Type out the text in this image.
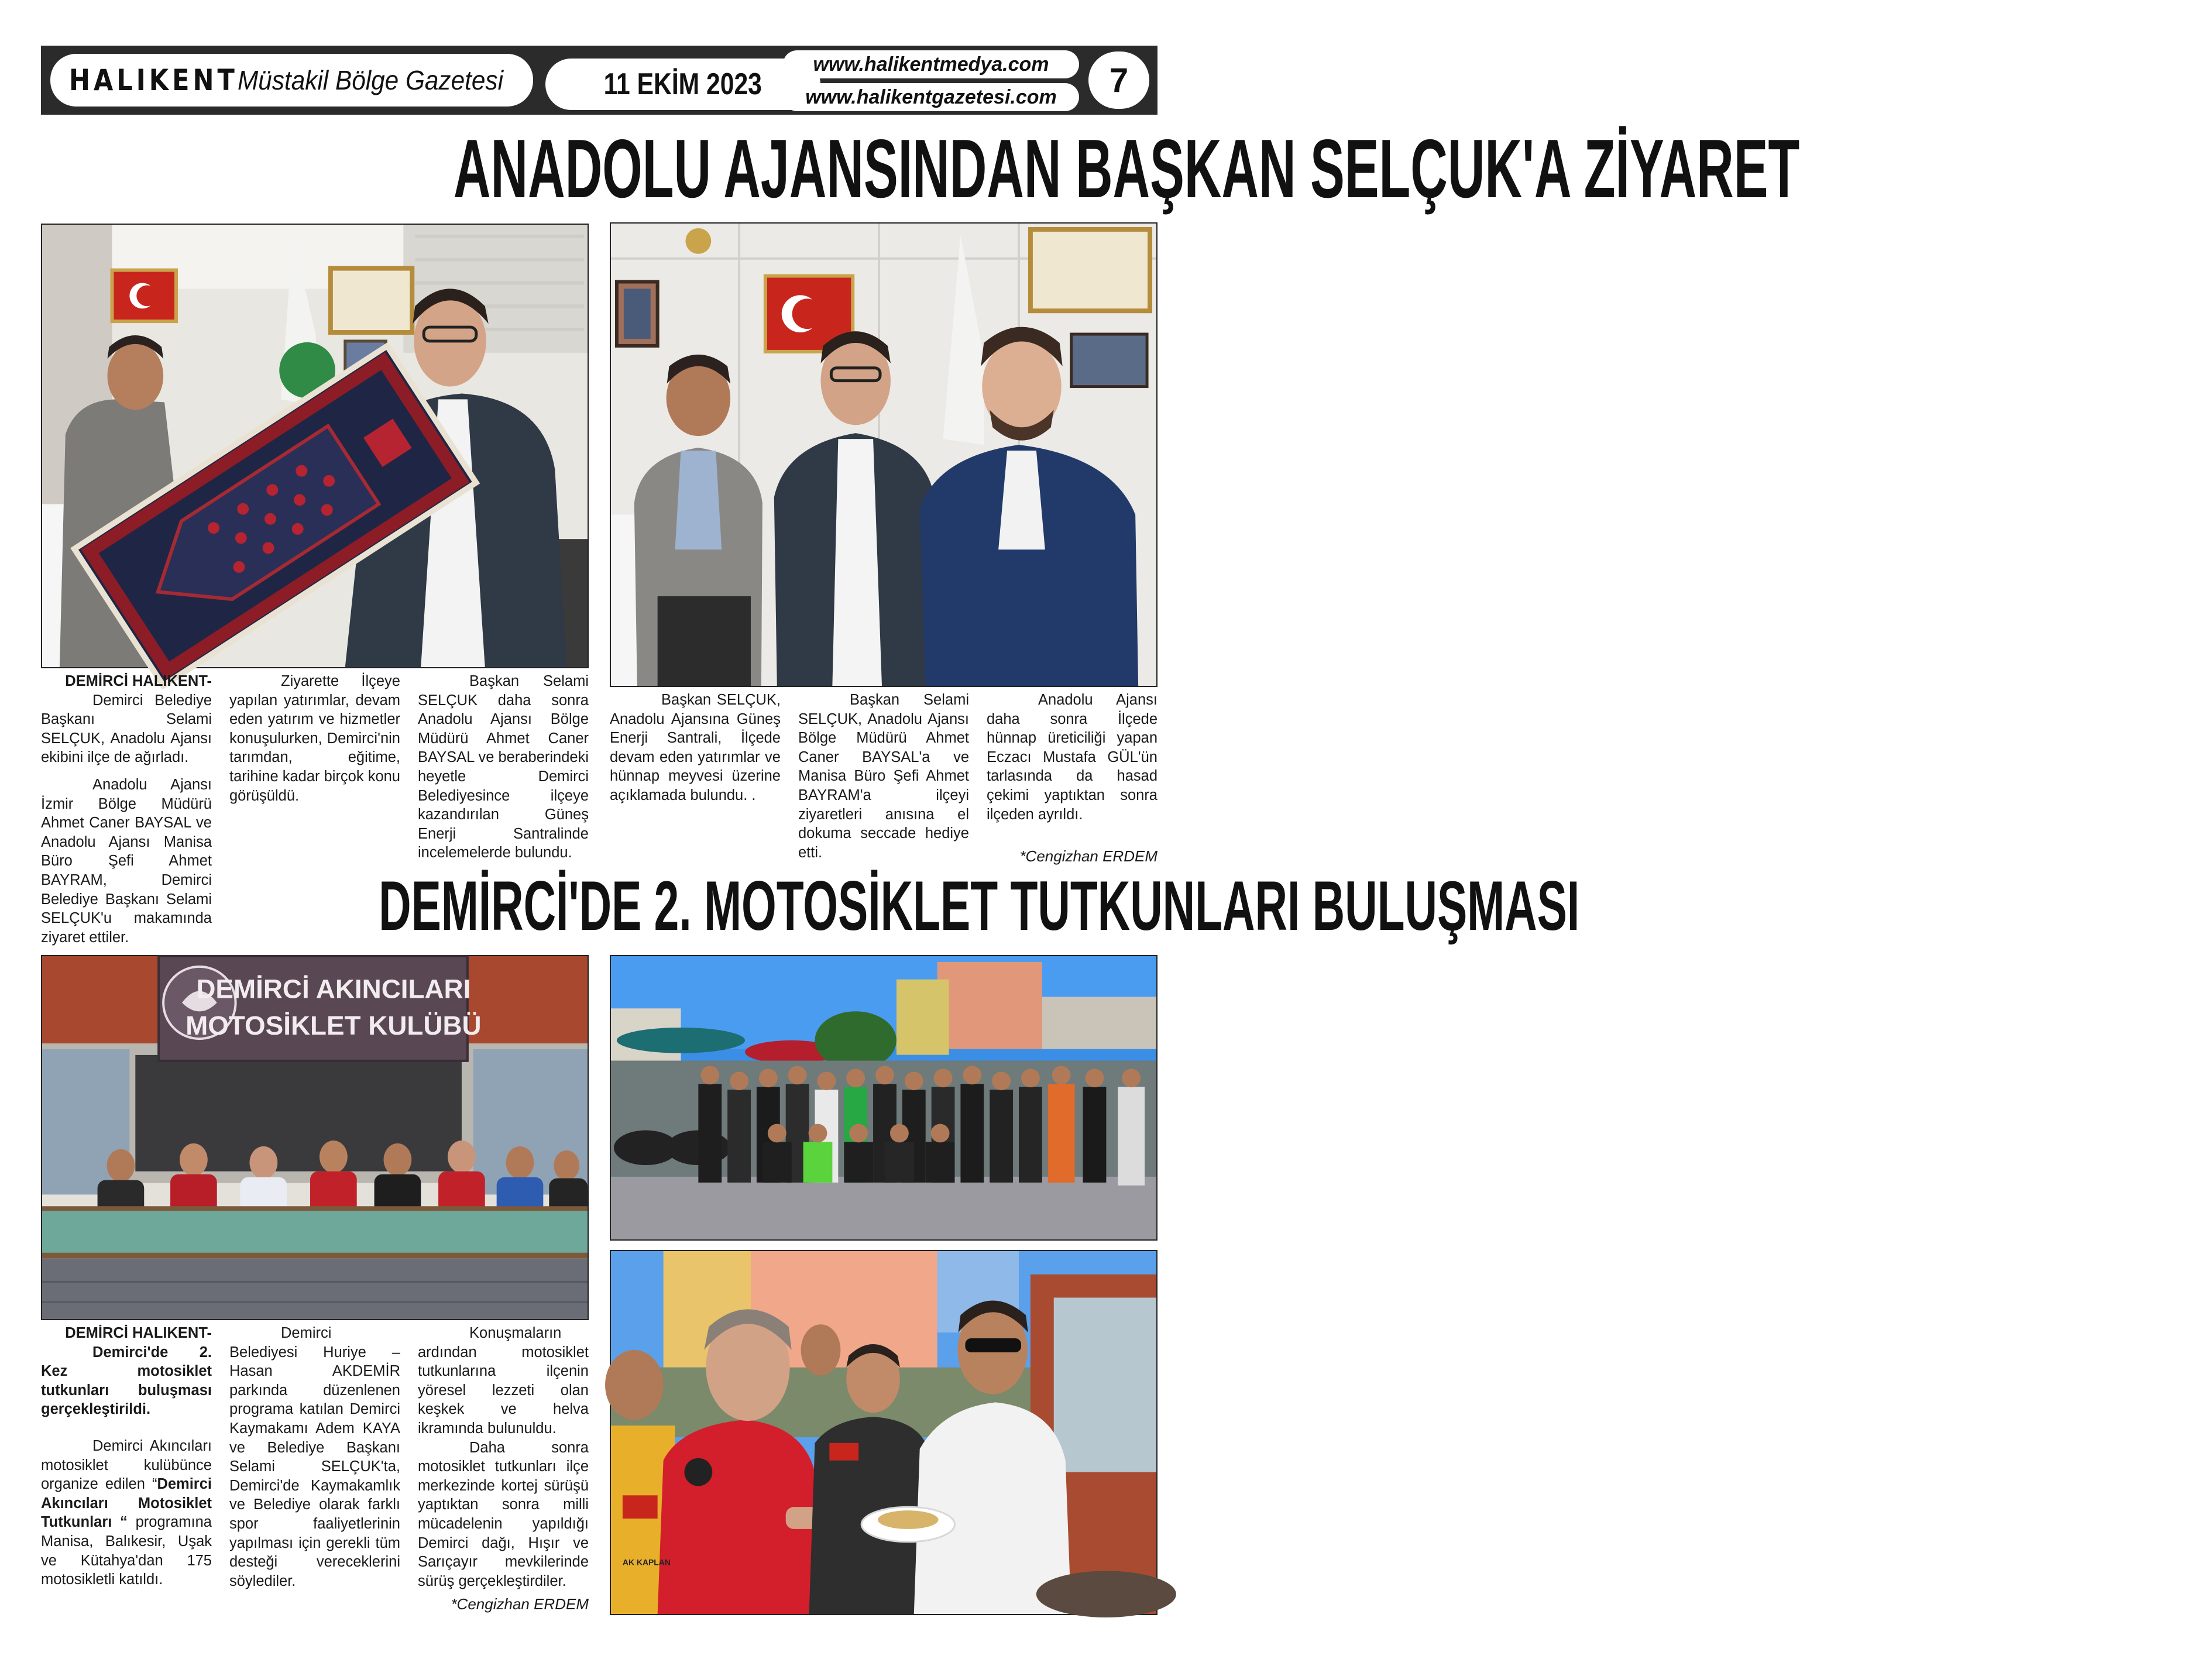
HALIKENT Müstakil Bölge Gazetesi	11 EKİM 2023
www.halikentmedya.com
www.halikentgazetesi.com 7
ANADOLU AJANSINDAN BAŞKAN SELÇUK'A ZİYARET

DEMİRCİ HALIKENT-

Demirci Belediye Başkanı Selami SELÇUK, Anadolu Ajansı ekibini ilçe de ağırladı.

Anadolu Ajansı İzmir Bölge Müdürü Ahmet Caner BAYSAL ve Anadolu Ajansı Manisa Büro Şefi Ahmet BAYRAM, Demirci Belediye Başkanı Selami SELÇUK'u makamında ziyaret ettiler.

Ziyarette İlçeye yapılan yatırımlar, devam eden yatırım ve hizmetler konuşulurken, Demirci'nin tarımdan, eğitime, tarihine kadar birçok konu görüşüldü.

Başkan Selami SELÇUK daha sonra Anadolu Ajansı Bölge Müdürü Ahmet Caner BAYSAL ve beraberindeki heyetle Demirci Belediyesince ilçeye kazandırılan Güneş Enerji Santralinde incelemelerde bulundu.

Başkan SELÇUK, Anadolu Ajansına Güneş Enerji Santrali, İlçede devam eden yatırımlar ve hünnap meyvesi üzerine açıklamada bulundu. .

Başkan Selami SELÇUK, Anadolu Ajansı Bölge Müdürü Ahmet Caner BAYSAL'a ve Manisa Büro Şefi Ahmet BAYRAM'a ilçeyi ziyaretleri anısına el dokuma seccade hediye etti.

Anadolu Ajansı daha sonra İlçede hünnap üreticiliği yapan Eczacı Mustafa GÜL'ün tarlasında da hasad çekimi yaptıktan sonra ilçeden ayrıldı.

*Cengizhan ERDEM
DEMİRCİ'DE 2. MOTOSİKLET TUTKUNLARI BULUŞMASI
DEMİRCİ AKINCILARI
MOTOSİKLET KULÜBÜ
AK KAPLAN

DEMİRCİ HALIKENT-

Demirci'de 2. Kez motosiklet tutkunları buluşması gerçekleştirildi.

Demirci Akıncıları motosiklet kulübünce organize edilen “Demirci Akıncıları Motosiklet Tutkunları “ programına Manisa, Balıkesir, Uşak ve Kütahya'dan 175 motosikletli katıldı.

Demirci Belediyesi Huriye – Hasan AKDEMİR parkında düzenlenen programa katılan Demirci Kaymakamı Adem KAYA ve Belediye Başkanı Selami SELÇUK'ta, Demirci'de Kaymakamlık ve Belediye olarak farklı spor faaliyetlerinin yapılması için gerekli tüm desteği vereceklerini söylediler.

Konuşmaların ardından motosiklet tutkunlarına ilçenin yöresel lezzeti olan keşkek ve helva ikramında bulunuldu.

Daha sonra motosiklet tutkunları ilçe merkezinde kortej sürüşü yaptıktan sonra milli mücadelenin yapıldığı Demirci dağı, Hışır ve Sarıçayır mevkilerinde sürüş gerçekleştirdiler.

*Cengizhan ERDEM
